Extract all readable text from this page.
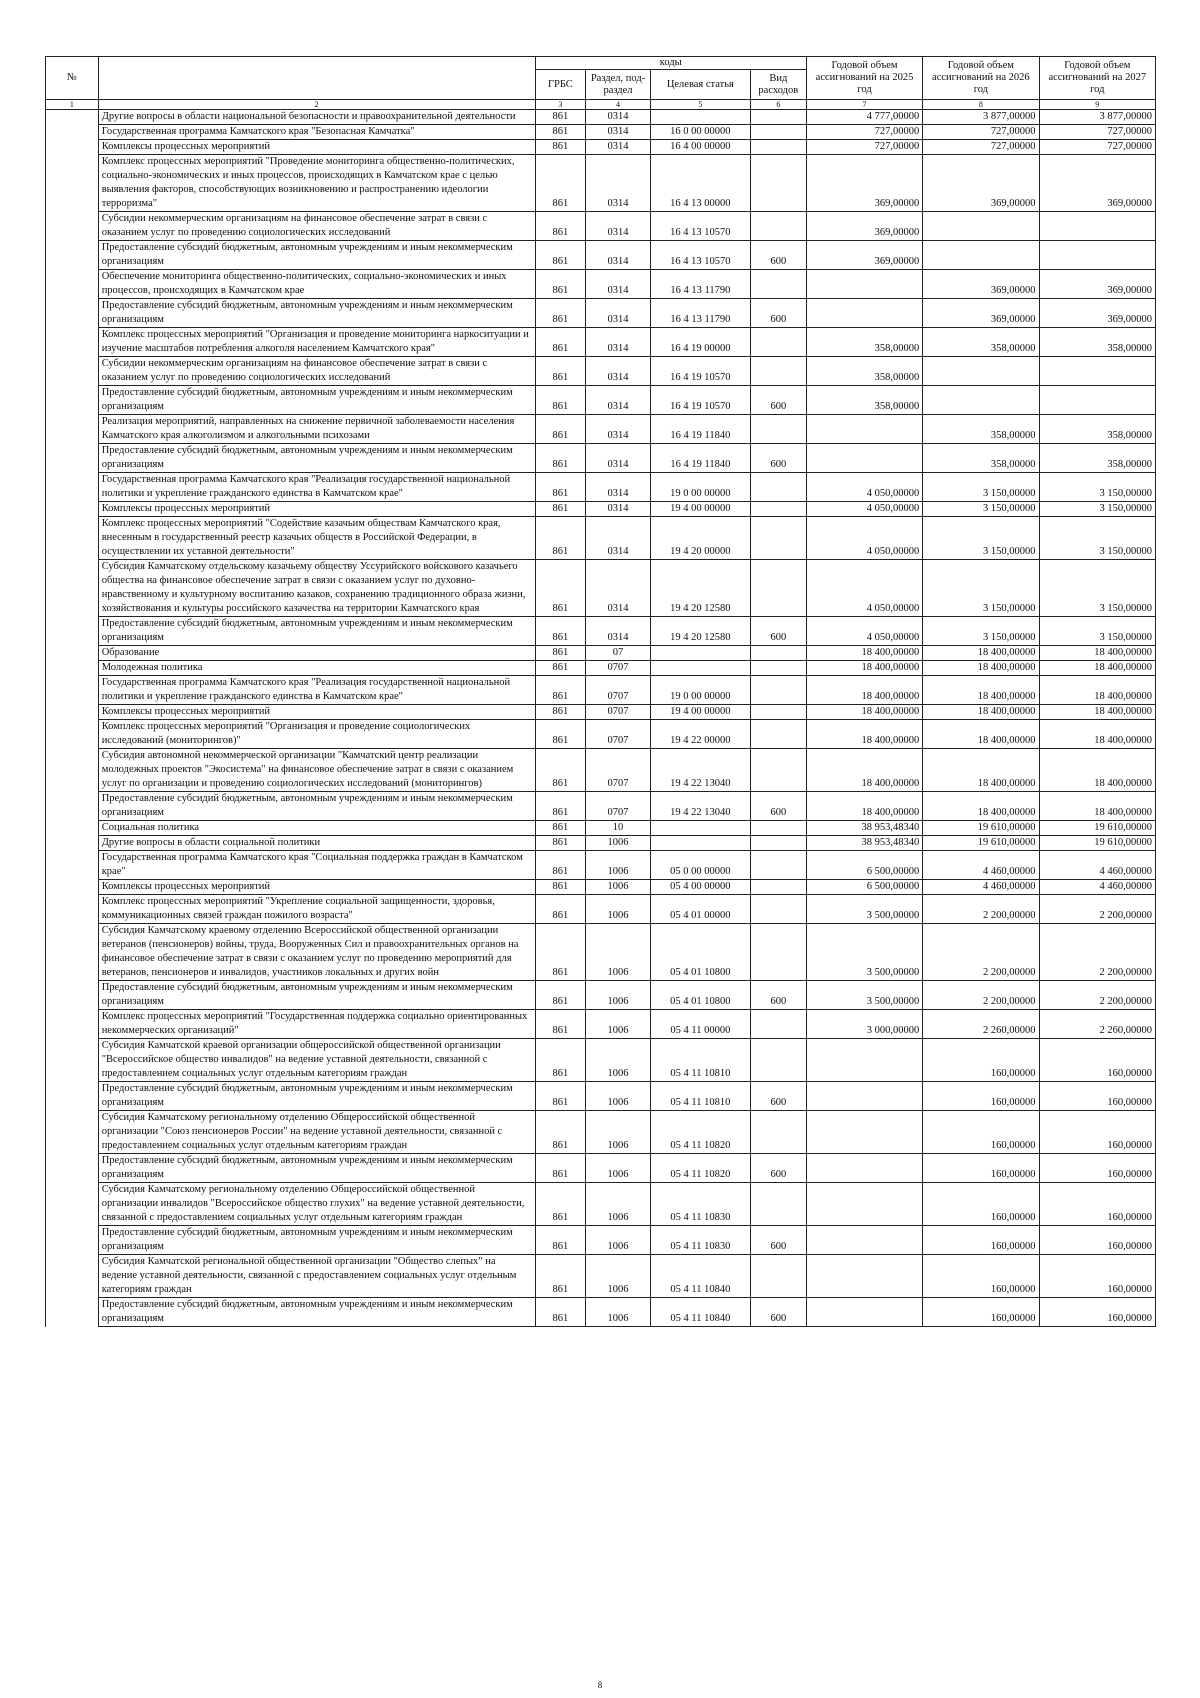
№		коды				Годовой объем ассигнований на 2025 год	Годовой объем ассигнований на 2026 год	Годовой объем ассигнований на 2027 год
		ГРБС	Раздел, под-раздел	Целевая статья	Вид расходов			
1	2	3	4	5	6	7	8	9
	Другие вопросы в области национальной безопасности и правоохранительной деятельности	861	0314			4 777,00000	3 877,00000	3 877,00000
	Государственная программа Камчатского края "Безопасная Камчатка"	861	0314	16 0 00 00000		727,00000	727,00000	727,00000
	Комплексы процессных мероприятий	861	0314	16 4 00 00000		727,00000	727,00000	727,00000
	Комплекс процессных мероприятий "Проведение мониторинга общественно-политических, социально-экономических и иных процессов, происходящих в Камчатском крае с целью выявления факторов, способствующих возникновению и распространению идеологии терроризма"	861	0314	16 4 13 00000		369,00000	369,00000	369,00000
	Субсидии некоммерческим организациям на финансовое обеспечение затрат в связи с оказанием услуг по проведению социологических исследований	861	0314	16 4 13 10570		369,00000		
	Предоставление субсидий бюджетным, автономным учреждениям и иным некоммерческим организациям	861	0314	16 4 13 10570	600	369,00000		
	Обеспечение мониторинга общественно-политических, социально-экономических и иных процессов, происходящих в Камчатском крае	861	0314	16 4 13 11790			369,00000	369,00000
	Предоставление субсидий бюджетным, автономным учреждениям и иным некоммерческим организациям	861	0314	16 4 13 11790	600		369,00000	369,00000
	Комплекс процессных мероприятий "Организация и проведение мониторинга наркоситуации и изучение масштабов потребления алкоголя населением Камчатского края"	861	0314	16 4 19 00000		358,00000	358,00000	358,00000
	Субсидии некоммерческим организациям на финансовое обеспечение затрат в связи с оказанием услуг по проведению социологических исследований	861	0314	16 4 19 10570		358,00000		
	Предоставление субсидий бюджетным, автономным учреждениям и иным некоммерческим организациям	861	0314	16 4 19 10570	600	358,00000		
	Реализация мероприятий, направленных на снижение первичной заболеваемости населения Камчатского края алкоголизмом и алкогольными психозами	861	0314	16 4 19 11840			358,00000	358,00000
	Предоставление субсидий бюджетным, автономным учреждениям и иным некоммерческим организациям	861	0314	16 4 19 11840	600		358,00000	358,00000
	Государственная программа Камчатского края "Реализация государственной национальной политики и укрепление гражданского единства в Камчатском крае"	861	0314	19 0 00 00000		4 050,00000	3 150,00000	3 150,00000
	Комплексы процессных мероприятий	861	0314	19 4 00 00000		4 050,00000	3 150,00000	3 150,00000
	Комплекс процессных мероприятий "Содействие казачьим обществам Камчатского края, внесенным в государственный реестр казачьих обществ в Российской Федерации, в осуществлении их уставной деятельности"	861	0314	19 4 20 00000		4 050,00000	3 150,00000	3 150,00000
	Субсидия Камчатскому отдельскому казачьему обществу Уссурийского войскового казачьего общества на финансовое обеспечение затрат в связи с оказанием услуг по духовно-нравственному и культурному воспитанию казаков, сохранению традиционного образа жизни, хозяйствования и культуры российского казачества на территории Камчатского края	861	0314	19 4 20 12580		4 050,00000	3 150,00000	3 150,00000
	Предоставление субсидий бюджетным, автономным учреждениям и иным некоммерческим организациям	861	0314	19 4 20 12580	600	4 050,00000	3 150,00000	3 150,00000
	Образование	861	07			18 400,00000	18 400,00000	18 400,00000
	Молодежная политика	861	0707			18 400,00000	18 400,00000	18 400,00000
	Государственная программа Камчатского края "Реализация государственной национальной политики и укрепление гражданского единства в Камчатском крае"	861	0707	19 0 00 00000		18 400,00000	18 400,00000	18 400,00000
	Комплексы процессных мероприятий	861	0707	19 4 00 00000		18 400,00000	18 400,00000	18 400,00000
	Комплекс процессных мероприятий "Организация и проведение социологических исследований (мониторингов)"	861	0707	19 4 22 00000		18 400,00000	18 400,00000	18 400,00000
	Субсидия автономной некоммерческой организации "Камчатский центр реализации молодежных проектов "Экосистема" на финансовое обеспечение затрат в связи с оказанием услуг по организации и проведению социологических исследований (мониторингов)	861	0707	19 4 22 13040		18 400,00000	18 400,00000	18 400,00000
	Предоставление субсидий бюджетным, автономным учреждениям и иным некоммерческим организациям	861	0707	19 4 22 13040	600	18 400,00000	18 400,00000	18 400,00000
	Социальная политика	861	10			38 953,48340	19 610,00000	19 610,00000
	Другие вопросы в области социальной политики	861	1006			38 953,48340	19 610,00000	19 610,00000
	Государственная программа Камчатского края "Социальная поддержка граждан в Камчатском крае"	861	1006	05 0 00 00000		6 500,00000	4 460,00000	4 460,00000
	Комплексы процессных мероприятий	861	1006	05 4 00 00000		6 500,00000	4 460,00000	4 460,00000
	Комплекс процессных мероприятий "Укрепление социальной защищенности, здоровья, коммуникационных связей граждан пожилого возраста"	861	1006	05 4 01 00000		3 500,00000	2 200,00000	2 200,00000
	Субсидия Камчатскому краевому отделению Всероссийской общественной организации ветеранов (пенсионеров) войны, труда, Вооруженных Сил и правоохранительных органов на финансовое обеспечение затрат в связи с оказанием услуг по проведению мероприятий для ветеранов, пенсионеров и инвалидов, участников локальных и других войн	861	1006	05 4 01 10800		3 500,00000	2 200,00000	2 200,00000
	Предоставление субсидий бюджетным, автономным учреждениям и иным некоммерческим организациям	861	1006	05 4 01 10800	600	3 500,00000	2 200,00000	2 200,00000
	Комплекс процессных мероприятий "Государственная поддержка социально ориентированных некоммерческих организаций"	861	1006	05 4 11 00000		3 000,00000	2 260,00000	2 260,00000
	Субсидия Камчатской краевой организации общероссийской общественной организации "Всероссийское общество инвалидов" на ведение уставной деятельности, связанной с предоставлением социальных услуг отдельным категориям граждан	861	1006	05 4 11 10810			160,00000	160,00000
	Предоставление субсидий бюджетным, автономным учреждениям и иным некоммерческим организациям	861	1006	05 4 11 10810	600		160,00000	160,00000
	Субсидия Камчатскому региональному отделению Общероссийской общественной организации "Союз пенсионеров России" на ведение уставной деятельности, связанной с предоставлением социальных услуг отдельным категориям граждан	861	1006	05 4 11 10820			160,00000	160,00000
	Предоставление субсидий бюджетным, автономным учреждениям и иным некоммерческим организациям	861	1006	05 4 11 10820	600		160,00000	160,00000
	Субсидия Камчатскому региональному отделению Общероссийской общественной организации инвалидов "Всероссийское общество глухих" на ведение уставной деятельности, связанной с предоставлением социальных услуг отдельным категориям граждан	861	1006	05 4 11 10830			160,00000	160,00000
	Предоставление субсидий бюджетным, автономным учреждениям и иным некоммерческим организациям	861	1006	05 4 11 10830	600		160,00000	160,00000
	Субсидия Камчатской региональной общественной организации "Общество слепых" на ведение уставной деятельности, связанной с предоставлением социальных услуг отдельным категориям граждан	861	1006	05 4 11 10840			160,00000	160,00000
	Предоставление субсидий бюджетным, автономным учреждениям и иным некоммерческим организациям	861	1006	05 4 11 10840	600		160,00000	160,00000
8
